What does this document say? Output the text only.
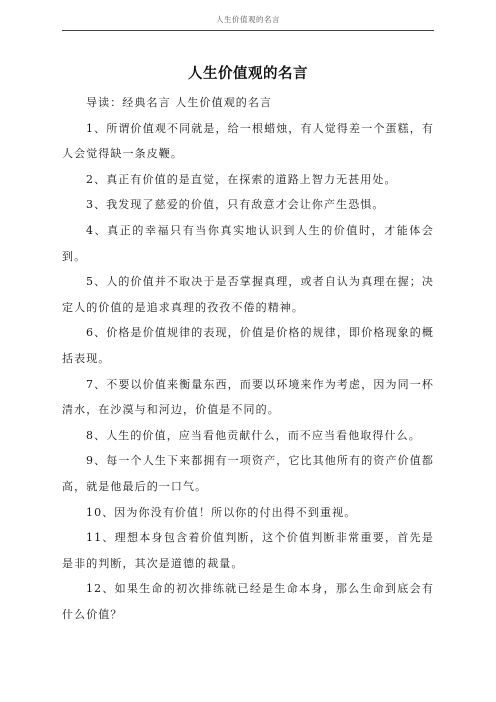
人生价值观的名言
人生价值观的名言

导读：经典名言 人生价值观的名言

1、所谓价值观不同就是，给一根蜡烛，有人觉得差一个蛋糕，有人会觉得缺一条皮鞭。

2、真正有价值的是直觉，在探索的道路上智力无甚用处。

3、我发现了慈爱的价值，只有敌意才会让你产生恐惧。

4、真正的幸福只有当你真实地认识到人生的价值时，才能体会到。

5、人的价值并不取决于是否掌握真理，或者自认为真理在握；决定人的价值的是追求真理的孜孜不倦的精神。

6、价格是价值规律的表现，价值是价格的规律，即价格现象的概括表现。

7、不要以价值来衡量东西，而要以环境来作为考虑，因为同一杯清水，在沙漠与和河边，价值是不同的。

8、人生的价值，应当看他贡献什么，而不应当看他取得什么。

9、每一个人生下来都拥有一项资产，它比其他所有的资产价值都高，就是他最后的一口气。

10、因为你没有价值！所以你的付出得不到重视。

11、理想本身包含着价值判断，这个价值判断非常重要，首先是是非的判断，其次是道德的裁量。

12、如果生命的初次排练就已经是生命本身，那么生命到底会有什么价值？
